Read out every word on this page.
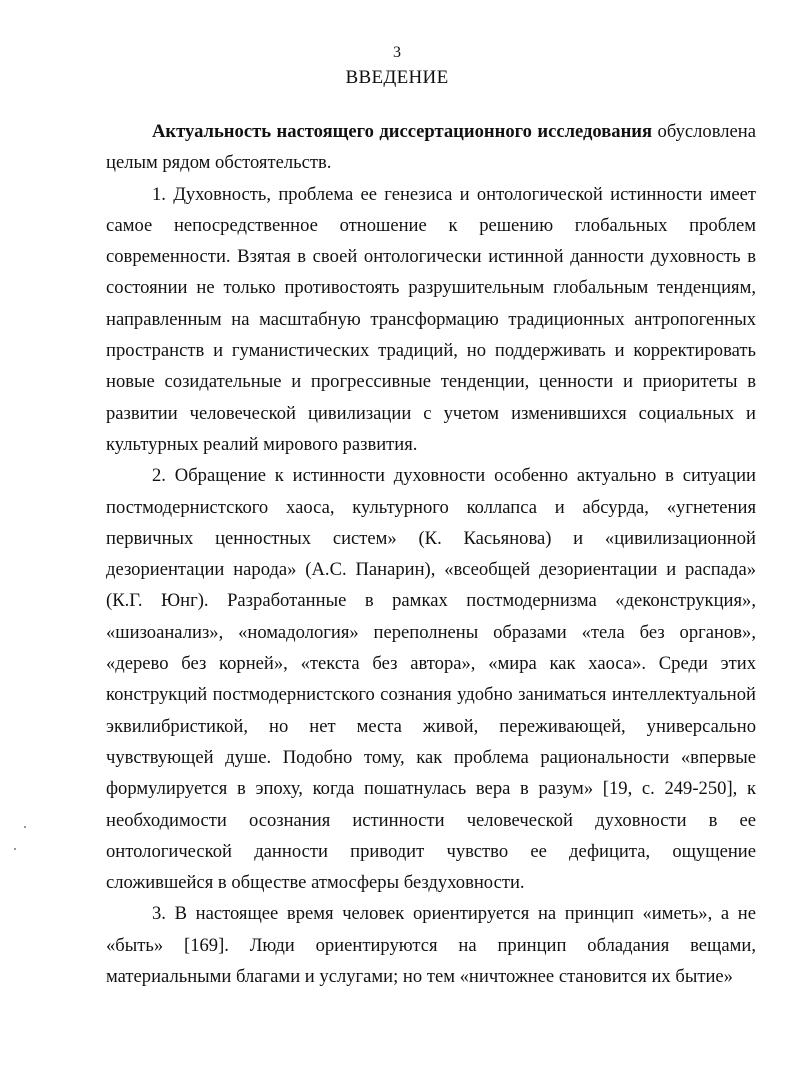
3
ВВЕДЕНИЕ

Актуальность настоящего диссертационного исследования обусловлена целым рядом обстоятельств.

1. Духовность, проблема ее генезиса и онтологической истинности имеет самое непосредственное отношение к решению глобальных проблем современности. Взятая в своей онтологически истинной данности духовность в состоянии не только противостоять разрушительным глобальным тенденциям, направленным на масштабную трансформацию традиционных антропогенных пространств и гуманистических традиций, но поддерживать и корректировать новые созидательные и прогрессивные тенденции, ценности и приоритеты в развитии человеческой цивилизации с учетом изменившихся социальных и культурных реалий мирового развития.

2. Обращение к истинности духовности особенно актуально в ситуации постмодернистского хаоса, культурного коллапса и абсурда, «угнетения первичных ценностных систем» (К. Касьянова) и «цивилизационной дезориентации народа» (А.С. Панарин), «всеобщей дезориентации и распада» (К.Г. Юнг). Разработанные в рамках постмодернизма «деконструкция», «шизоанализ», «номадология» переполнены образами «тела без органов», «дерево без корней», «текста без автора», «мира как хаоса». Среди этих конструкций постмодернистского сознания удобно заниматься интеллектуальной эквилибристикой, но нет места живой, переживающей, универсально чувствующей душе. Подобно тому, как проблема рациональности «впервые формулируется в эпоху, когда пошатнулась вера в разум» [19, с. 249-250], к необходимости осознания истинности человеческой духовности в ее онтологической данности приводит чувство ее дефицита, ощущение сложившейся в обществе атмосферы бездуховности.

3. В настоящее время человек ориентируется на принцип «иметь», а не «быть» [169]. Люди ориентируются на принцип обладания вещами, материальными благами и услугами; но тем «ничтожнее становится их бытие»
